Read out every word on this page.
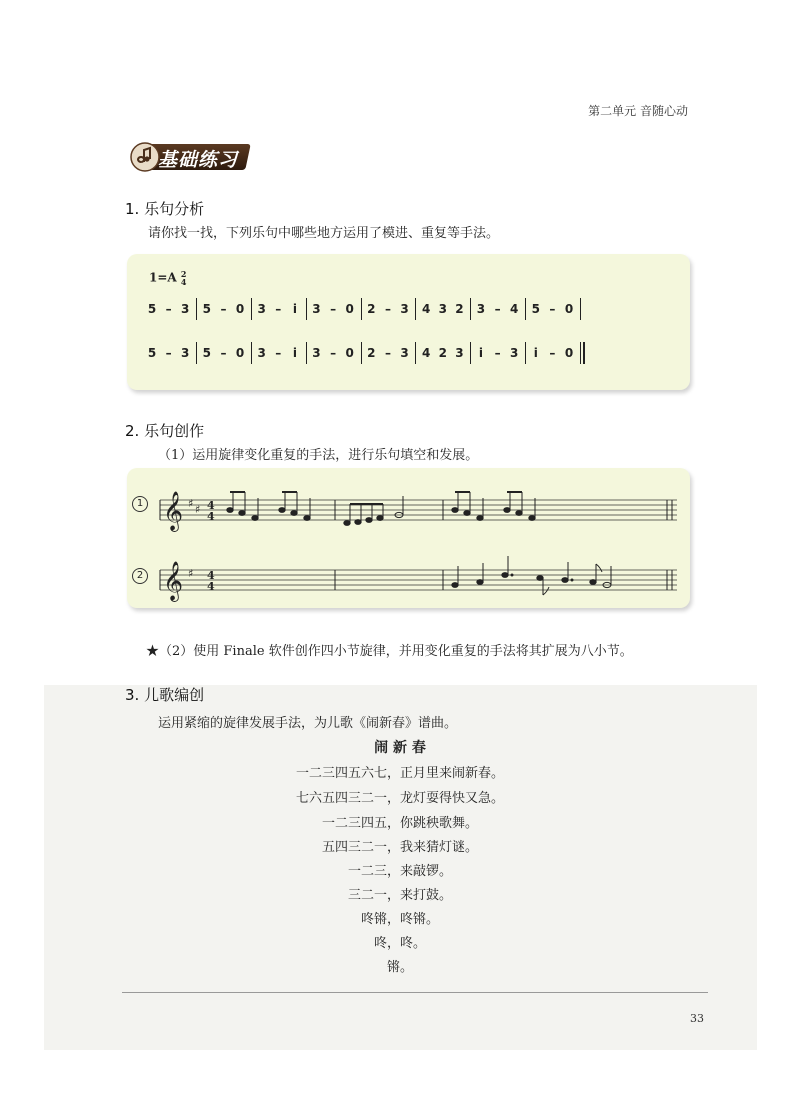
第二单元 音随心动
基础练习
1. 乐句分析
请你找一找，下列乐句中哪些地方运用了模进、重复等手法。
1=A 2
4
5 – 3 5 – 0 3 – i 3 – 0 2 – 3 4 3 2 3 – 4 5 – 0
5 – 3 5 – 0 3 – i 3 – 0 2 – 3 4 2 3 i – 3 i – 0
2. 乐句创作
（1）运用旋律变化重复的手法，进行乐句填空和发展。
1
2
𝄞 ♯ ♯ 4
4
𝄞 ♯ 4
4
★（2）使用 Finale 软件创作四小节旋律，并用变化重复的手法将其扩展为八小节。
3. 儿歌编创
运用紧缩的旋律发展手法，为儿歌《闹新春》谱曲。
闹 新 春
一二三四五六七，正月里来闹新春。
七六五四三二一，龙灯耍得快又急。
一二三四五，你跳秧歌舞。
五四三二一，我来猜灯谜。
一二三，来敲锣。
三二一，来打鼓。
咚锵，咚锵。
咚，咚。
锵。
33
